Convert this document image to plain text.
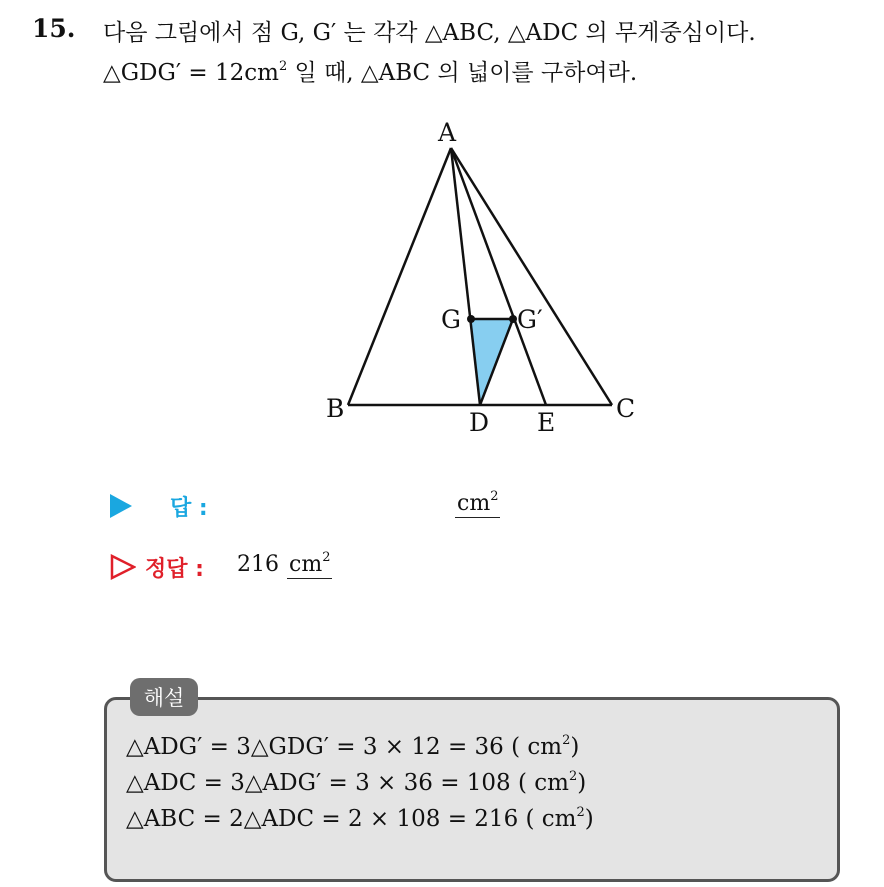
15. 다음 그림에서 점 G, G′ 는 각각 △ABC, △ADC 의 무게중심이다.
△GDG′ = $12cm^2$ 일 때, △ABC 의 넓이를 구하여라.
A
B	C
D E
G G′
답 :	$cm^2$
정답 : 216 $cm^2$
해설
△ADG′ = 3△GDG′ = 3 × 12 = 36 ( $cm^2$)
△ADC = 3△ADG′ = 3 × 36 = 108 ( $cm^2$)
△ABC = 2△ADC = 2 × 108 = 216 ( $cm^2$)
